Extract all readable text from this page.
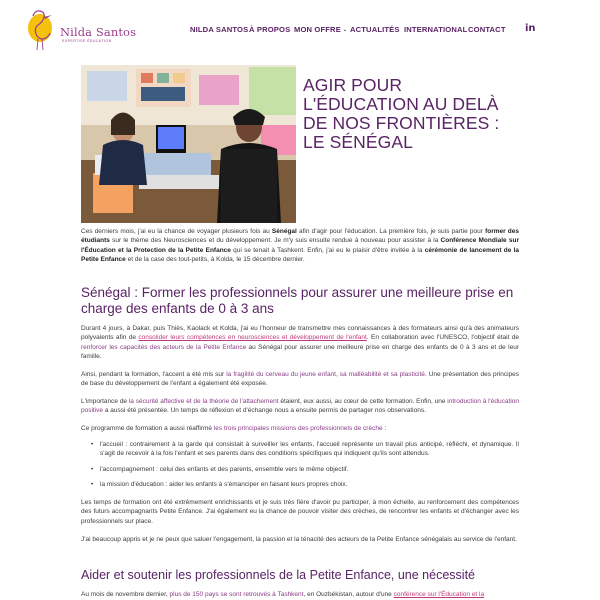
Nilda Santos
EXPERTISE ÉDUCATION
NILDA SANTOS À PROPOS MON OFFRE ⌄ ACTUALITÉS INTERNATIONAL CONTACT in
AGIR POUR L'ÉDUCATION AU DELÀ DE NOS FRONTIÈRES : LE SÉNÉGAL

Ces derniers mois, j'ai eu la chance de voyager plusieurs fois au Sénégal afin d'agir pour l'éducation. La première fois, je suis partie pour former des étudiants sur le thème des Neurosciences et du développement. Je m'y suis ensuite rendue à nouveau pour assister à la Conférence Mondiale sur l'Éducation et la Protection de la Petite Enfance qui se tenait à Tashkent. Enfin, j'ai eu le plaisir d'être invitée à la cérémonie de lancement de la Petite Enfance et de la case des tout-petits, à Kolda, le 15 décembre dernier.

Sénégal : Former les professionnels pour assurer une meilleure prise en charge des enfants de 0 à 3 ans

Durant 4 jours, à Dakar, puis Thiès, Kaolack et Kolda, j'ai eu l'honneur de transmettre mes connaissances à des formateurs ainsi qu'à des animateurs polyvalents afin de consolider leurs compétences en neurosciences et développement de l'enfant. En collaboration avec l'UNESCO, l'objectif était de renforcer les capacités des acteurs de la Petite Enfance au Sénégal pour assurer une meilleure prise en charge des enfants de 0 à 3 ans et de leur famille.

Ainsi, pendant la formation, l'accent a été mis sur la fragilité du cerveau du jeune enfant, sa malléabilité et sa plasticité. Une présentation des principes de base du développement de l'enfant a également été exposée.

L'importance de la sécurité affective et de la théorie de l'attachement étaient, eux aussi, au cœur de cette formation. Enfin, une introduction à l'éducation positive a aussi été présentée. Un temps de réflexion et d'échange nous a ensuite permis de partager nos observations.

Ce programme de formation a aussi réaffirmé les trois principales missions des professionnels de crèche :

• l'accueil : contrairement à la garde qui consistait à surveiller les enfants, l'accueil représente un travail plus anticipé, réfléchi, et dynamique. Il s'agit de recevoir à la fois l'enfant et ses parents dans des conditions spécifiques qui indiquent qu'ils sont attendus.
• l'accompagnement : celui des enfants et des parents, ensemble vers le même objectif.
• la mission d'éducation : aider les enfants à s'émanciper en faisant leurs propres choix.

Les temps de formation ont été extrêmement enrichissants et je suis très fière d'avoir pu participer, à mon échelle, au renforcement des compétences des futurs accompagnants Petite Enfance. J'ai également eu la chance de pouvoir visiter des crèches, de rencontrer les enfants et d'échanger avec les professionnels sur place.

J'ai beaucoup appris et je ne peux que saluer l'engagement, la passion et la ténacité des acteurs de la Petite Enfance sénégalais au service de l'enfant.

Aider et soutenir les professionnels de la Petite Enfance, une nécessité

Au mois de novembre dernier, plus de 150 pays se sont retrouvés à Tashkent, en Ouzbékistan, autour d'une conférence sur l'Éducation et la
